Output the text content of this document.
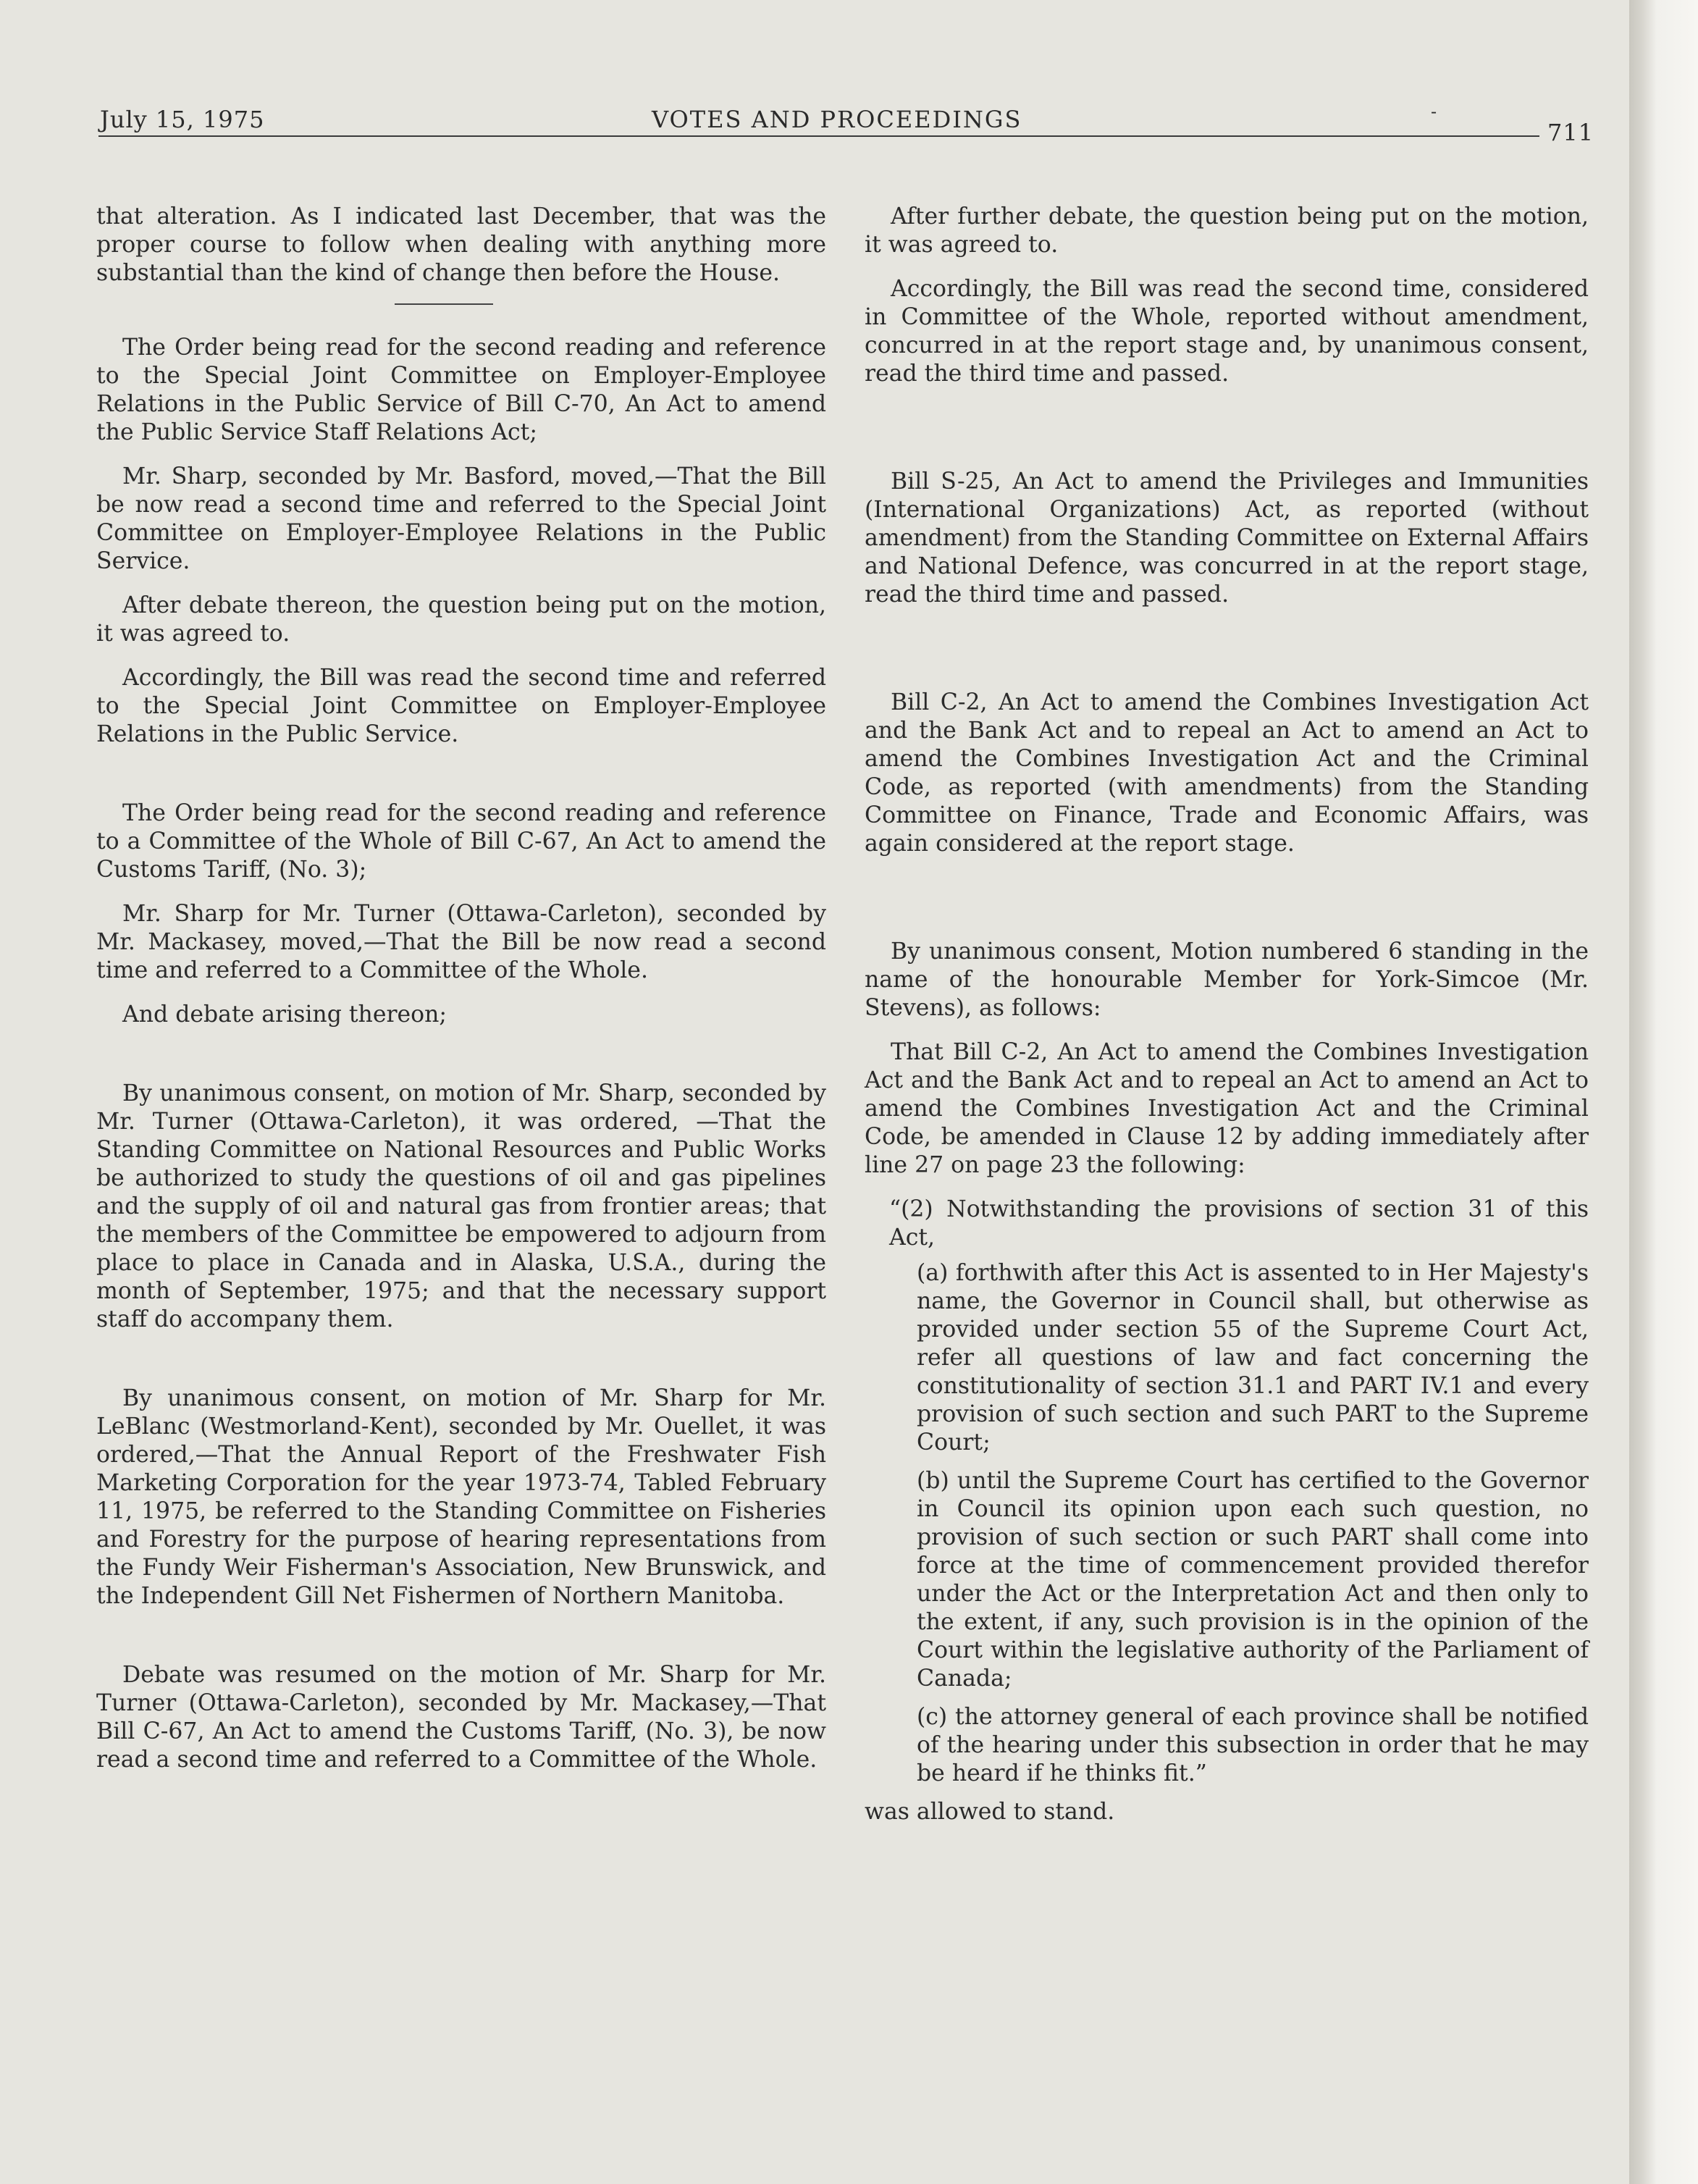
July 15, 1975	VOTES AND PROCEEDINGS	-
711

that alteration. As I indicated last December, that was the proper course to follow when dealing with anything more substantial than the kind of change then before the House.

The Order being read for the second reading and reference to the Special Joint Committee on Employer-Employee Relations in the Public Service of Bill C-70, An Act to amend the Public Service Staff Relations Act;

Mr. Sharp, seconded by Mr. Basford, moved,—That the Bill be now read a second time and referred to the Special Joint Committee on Employer-Employee Relations in the Public Service.

After debate thereon, the question being put on the motion, it was agreed to.

Accordingly, the Bill was read the second time and referred to the Special Joint Committee on Employer-Employee Relations in the Public Service.

The Order being read for the second reading and reference to a Committee of the Whole of Bill C-67, An Act to amend the Customs Tariff, (No. 3);

Mr. Sharp for Mr. Turner (Ottawa-Carleton), seconded by Mr. Mackasey, moved,—That the Bill be now read a second time and referred to a Committee of the Whole.

And debate arising thereon;

By unanimous consent, on motion of Mr. Sharp, seconded by Mr. Turner (Ottawa-Carleton), it was ordered, —That the Standing Committee on National Resources and Public Works be authorized to study the questions of oil and gas pipelines and the supply of oil and natural gas from frontier areas; that the members of the Committee be empowered to adjourn from place to place in Canada and in Alaska, U.S.A., during the month of September, 1975; and that the necessary support staff do accompany them.

By unanimous consent, on motion of Mr. Sharp for Mr. LeBlanc (Westmorland-Kent), seconded by Mr. Ouellet, it was ordered,—That the Annual Report of the Freshwater Fish Marketing Corporation for the year 1973-74, Tabled February 11, 1975, be referred to the Standing Committee on Fisheries and Forestry for the purpose of hearing representations from the Fundy Weir Fisherman's Association, New Brunswick, and the Independent Gill Net Fishermen of Northern Manitoba.

Debate was resumed on the motion of Mr. Sharp for Mr. Turner (Ottawa-Carleton), seconded by Mr. Mackasey,—That Bill C-67, An Act to amend the Customs Tariff, (No. 3), be now read a second time and referred to a Committee of the Whole.

After further debate, the question being put on the motion, it was agreed to.

Accordingly, the Bill was read the second time, considered in Committee of the Whole, reported without amendment, concurred in at the report stage and, by unanimous consent, read the third time and passed.

Bill S-25, An Act to amend the Privileges and Immunities (International Organizations) Act, as reported (without amendment) from the Standing Committee on External Affairs and National Defence, was concurred in at the report stage, read the third time and passed.

Bill C-2, An Act to amend the Combines Investigation Act and the Bank Act and to repeal an Act to amend an Act to amend the Combines Investigation Act and the Criminal Code, as reported (with amendments) from the Standing Committee on Finance, Trade and Economic Affairs, was again considered at the report stage.

By unanimous consent, Motion numbered 6 standing in the name of the honourable Member for York-Simcoe (Mr. Stevens), as follows:

That Bill C-2, An Act to amend the Combines Investigation Act and the Bank Act and to repeal an Act to amend an Act to amend the Combines Investigation Act and the Criminal Code, be amended in Clause 12 by adding immediately after line 27 on page 23 the following:

“(2) Notwithstanding the provisions of section 31 of this Act,

(a) forthwith after this Act is assented to in Her Majesty's name, the Governor in Council shall, but otherwise as provided under section 55 of the Supreme Court Act, refer all questions of law and fact concerning the constitutionality of section 31.1 and PART IV.1 and every provision of such section and such PART to the Supreme Court;

(b) until the Supreme Court has certified to the Governor in Council its opinion upon each such question, no provision of such section or such PART shall come into force at the time of commencement provided therefor under the Act or the Interpretation Act and then only to the extent, if any, such provision is in the opinion of the Court within the legislative authority of the Parliament of Canada;

(c) the attorney general of each province shall be notified of the hearing under this subsection in order that he may be heard if he thinks fit.”

was allowed to stand.
